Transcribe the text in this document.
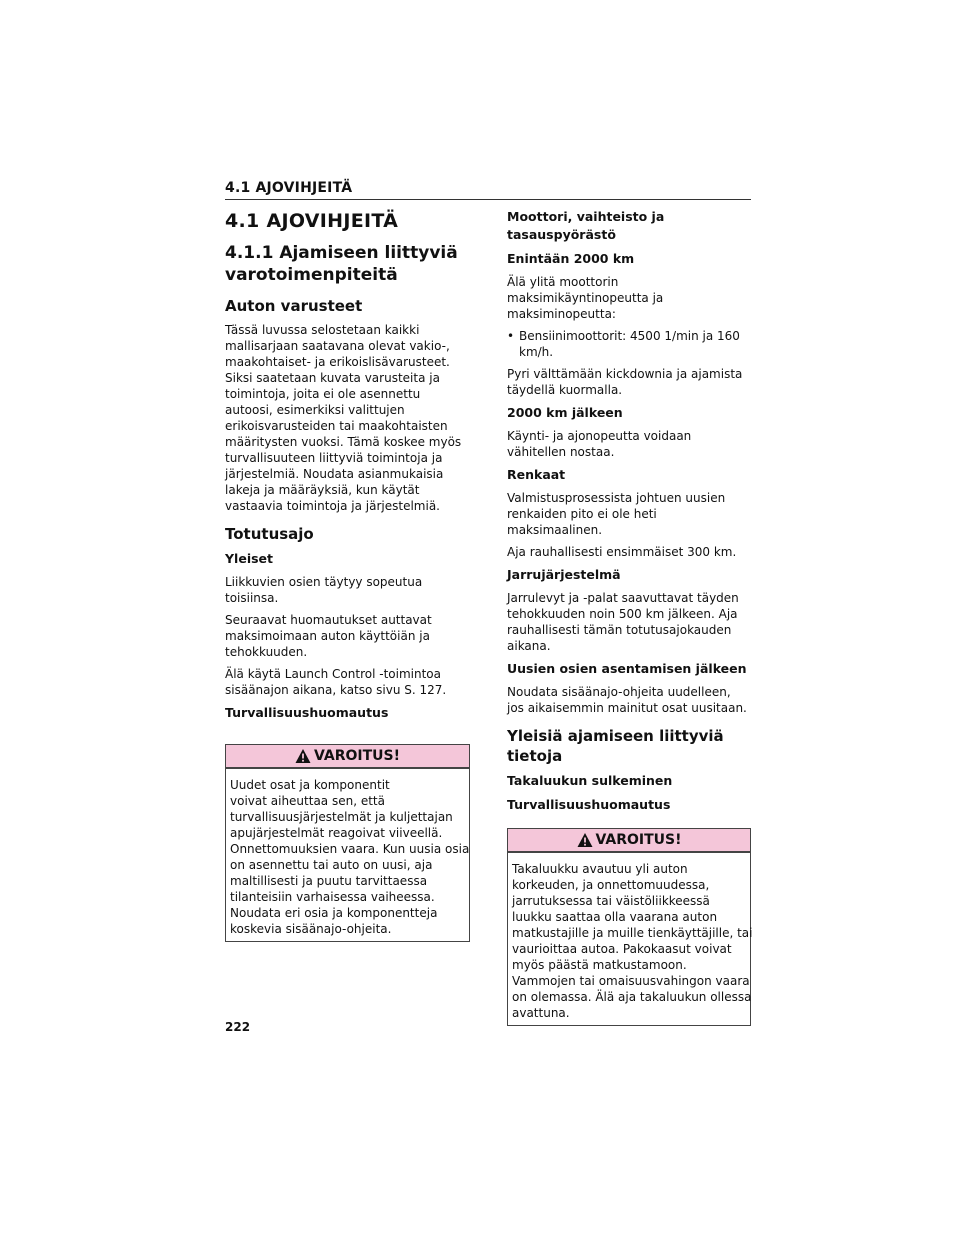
4.1 AJOVIHJEITÄ
4.1 AJOVIHJEITÄ
4.1.1 Ajamiseen liittyviä
varotoimenpiteitä
Auton varusteet
Tässä luvussa selostetaan kaikki mallisarjaan saatavana olevat vakio-, maakohtaiset- ja erikoislisävarusteet. Siksi saatetaan kuvata varusteita ja toimintoja, joita ei ole asennettu autoosi, esimerkiksi valittujen erikoisvarusteiden tai maakohtaisten määritysten vuoksi. Tämä koskee myös turvallisuuteen liittyviä toimintoja ja järjestelmiä. Noudata asianmukaisia lakeja ja määräyksiä, kun käytät vastaavia toimintoja ja järjestelmiä.
Totutusajo
Yleiset
Liikkuvien osien täytyy sopeutua toisiinsa.
Seuraavat huomautukset auttavat maksimoimaan auton käyttöiän ja tehokkuuden.
Älä käytä Launch Control -toimintoa sisäänajon aikana, katso sivu S. 127.
Turvallisuushuomautus
VAROITUS!
Uudet osat ja komponentit
voivat aiheuttaa sen, että
turvallisuusjärjestelmät ja kuljettajan
apujärjestelmät reagoivat viiveellä.
Onnettomuuksien vaara. Kun uusia osia
on asennettu tai auto on uusi, aja
maltillisesti ja puutu tarvittaessa
tilanteisiin varhaisessa vaiheessa.
Noudata eri osia ja komponentteja
koskevia sisäänajo-ohjeita.
Moottori, vaihteisto ja tasauspyörästö
Enintään 2000 km
Älä ylitä moottorin maksimikäyntinopeutta ja maksiminopeutta:
• Bensiinimoottorit: 4500 1/min ja 160 km/h.
Pyri välttämään kickdownia ja ajamista täydellä kuormalla.
2000 km jälkeen
Käynti- ja ajonopeutta voidaan vähitellen nostaa.
Renkaat
Valmistusprosessista johtuen uusien renkaiden pito ei ole heti maksimaalinen.
Aja rauhallisesti ensimmäiset 300 km.
Jarrujärjestelmä
Jarrulevyt ja -palat saavuttavat täyden tehokkuuden noin 500 km jälkeen. Aja rauhallisesti tämän totutusajokauden aikana.
Uusien osien asentamisen jälkeen
Noudata sisäänajo-ohjeita uudelleen, jos aikaisemmin mainitut osat uusitaan.
Yleisiä ajamiseen liittyviä tietoja
Takaluukun sulkeminen
Turvallisuushuomautus
VAROITUS!
Takaluukku avautuu yli auton
korkeuden, ja onnettomuudessa,
jarrutuksessa tai väistöliikkeessä
luukku saattaa olla vaarana auton
matkustajille ja muille tienkäyttäjille, tai
vaurioittaa autoa. Pakokaasut voivat
myös päästä matkustamoon.
Vammojen tai omaisuusvahingon vaara
on olemassa. Älä aja takaluukun ollessa
avattuna.
222
